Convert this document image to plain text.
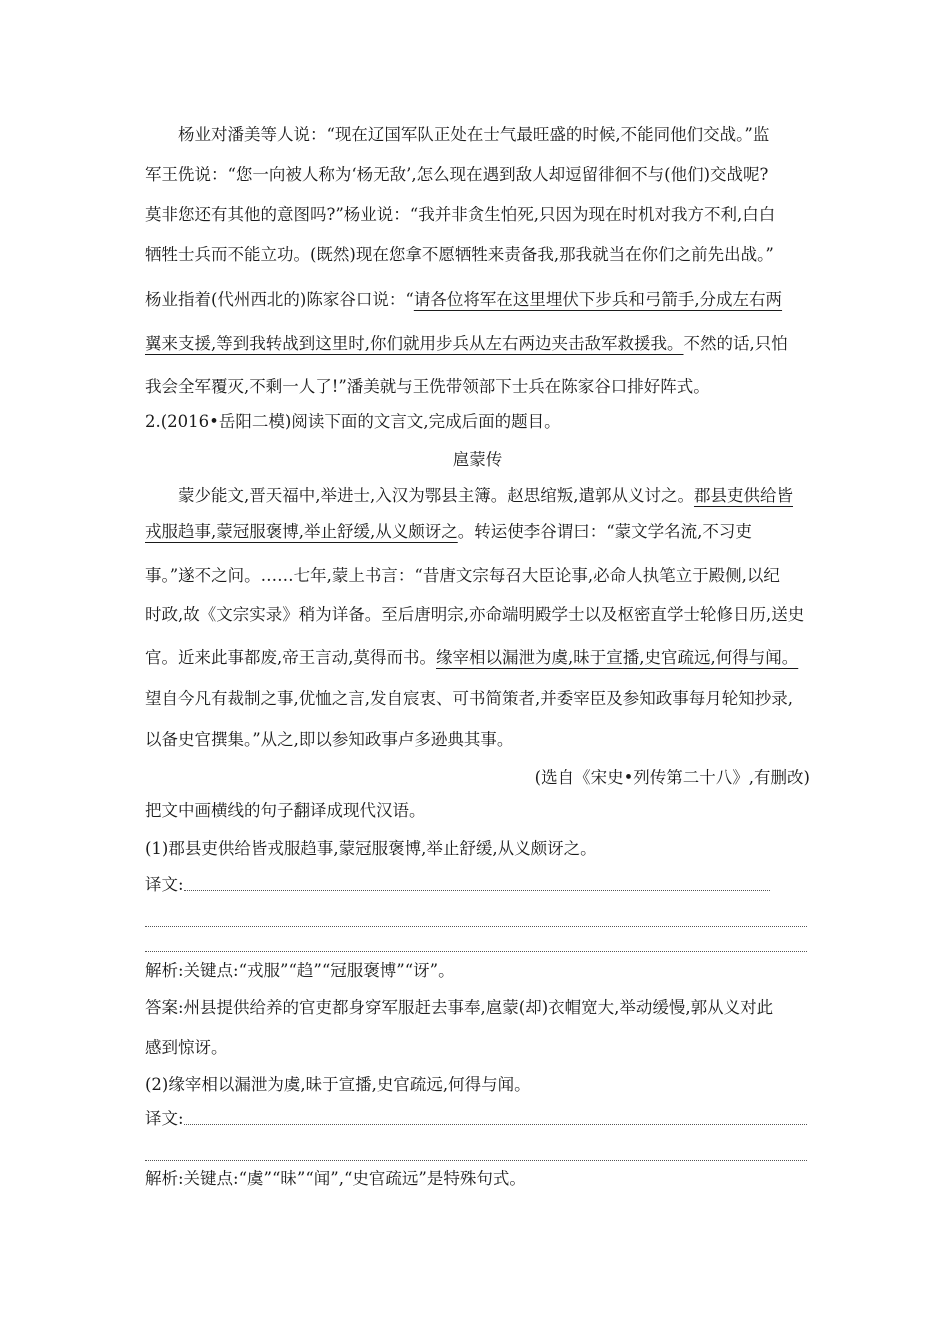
杨业对潘美等人说：“现在辽国军队正处在士气最旺盛的时候,不能同他们交战。”监
军王侁说：“您一向被人称为‘杨无敌’,怎么现在遇到敌人却逗留徘徊不与(他们)交战呢?
莫非您还有其他的意图吗?”杨业说：“我并非贪生怕死,只因为现在时机对我方不利,白白
牺牲士兵而不能立功。(既然)现在您拿不愿牺牲来责备我,那我就当在你们之前先出战。”
杨业指着(代州西北的)陈家谷口说：“请各位将军在这里埋伏下步兵和弓箭手,分成左右两
翼来支援,等到我转战到这里时,你们就用步兵从左右两边夹击敌军救援我。不然的话,只怕
我会全军覆灭,不剩一人了!”潘美就与王侁带领部下士兵在陈家谷口排好阵式。
2.(2016•岳阳二模)阅读下面的文言文,完成后面的题目。
扈蒙传
蒙少能文,晋天福中,举进士,入汉为鄂县主簿。赵思绾叛,遣郭从义讨之。郡县吏供给皆
戎服趋事,蒙冠服褒博,举止舒缓,从义颇讶之。转运使李谷谓曰：“蒙文学名流,不习吏
事。”遂不之问。……七年,蒙上书言：“昔唐文宗每召大臣论事,必命人执笔立于殿侧,以纪
时政,故《文宗实录》稍为详备。至后唐明宗,亦命端明殿学士以及枢密直学士轮修日历,送史
官。近来此事都废,帝王言动,莫得而书。缘宰相以漏泄为虞,昧于宣播,史官疏远,何得与闻。
望自今凡有裁制之事,优恤之言,发自宸衷、可书简策者,并委宰臣及参知政事每月轮知抄录,
以备史官撰集。”从之,即以参知政事卢多逊典其事。
(选自《宋史•列传第二十八》,有删改)
把文中画横线的句子翻译成现代汉语。
(1)郡县吏供给皆戎服趋事,蒙冠服褒博,举止舒缓,从义颇讶之。
译文:
解析:关键点:“戎服”“趋”“冠服褒博”“讶”。
答案:州县提供给养的官吏都身穿军服赶去事奉,扈蒙(却)衣帽宽大,举动缓慢,郭从义对此
感到惊讶。
(2)缘宰相以漏泄为虞,昧于宣播,史官疏远,何得与闻。
译文:
解析:关键点:“虞”“昧”“闻”,“史官疏远”是特殊句式。
